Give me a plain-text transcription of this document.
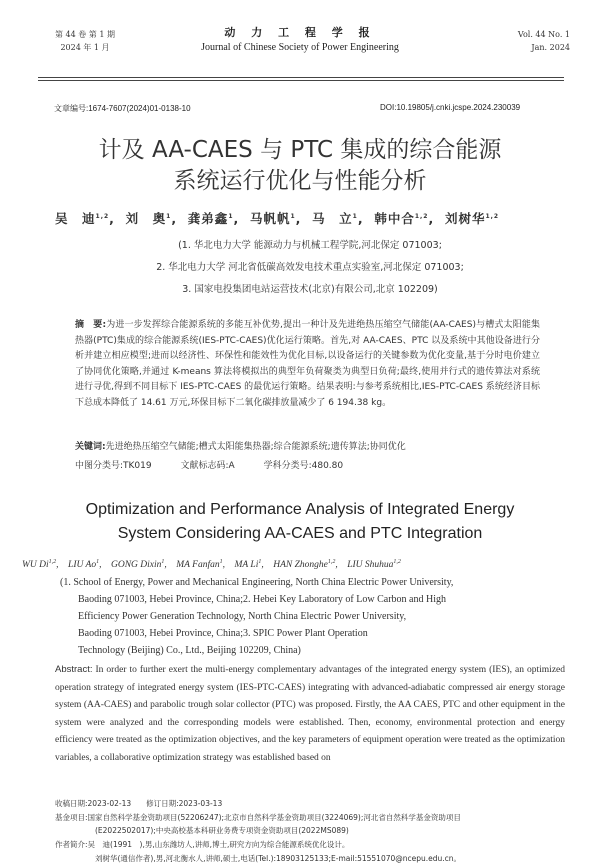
第 44 卷 第 1 期
2024 年 1 月
动 力 工 程 学 报
Journal of Chinese Society of Power Engineering
Vol. 44 No. 1
Jan. 2024
文章编号:1674-7607(2024)01-0138-10	DOI:10.19805/j.cnki.jcspe.2024.230039
计及 AA-CAES 与 PTC 集成的综合能源
系统运行优化与性能分析
吴　迪$^{1,2}$, 刘　奥$^1$, 龚弟鑫$^1$, 马帆帆$^1$, 马　立$^1$, 韩中合$^{1,2}$, 刘树华$^{1,2}$
(1. 华北电力大学 能源动力与机械工程学院,河北保定 071003;
2. 华北电力大学 河北省低碳高效发电技术重点实验室,河北保定 071003;
3. 国家电投集团电站运营技术(北京)有限公司,北京 102209)
摘　要:为进一步发挥综合能源系统的多能互补优势,提出一种计及先进绝热压缩空气储能(AA-CAES)与槽式太阳能集热器(PTC)集成的综合能源系统(IES-PTC-CAES)优化运行策略。首先,对 AA-CAES、PTC 以及系统中其他设备进行分析并建立相应模型;进而以经济性、环保性和能效性为优化目标,以设备运行的关键参数为优化变量,基于分时电价建立了协同优化策略,并通过 K-means 算法将模拟出的典型年负荷聚类为典型日负荷;最终,使用并行式的遗传算法对系统进行寻优,得到不同目标下 IES-PTC-CAES 的最优运行策略。结果表明:与参考系统相比,IES-PTC-CAES 系统经济目标下总成本降低了 14.61 万元,环保目标下二氧化碳排放量减少了 6 194.38 kg。
关键词:先进绝热压缩空气储能;槽式太阳能集热器;综合能源系统;遗传算法;协同优化
中图分类号:TK019	文献标志码:A	学科分类号:480.80
Optimization and Performance Analysis of Integrated Energy
System Considering AA-CAES and PTC Integration
WU Di$^{1,2}$, LIU Ao$^1$, GONG Dixin$^1$, MA Fanfan$^1$, MA Li$^1$, HAN Zhonghe$^{1,2}$, LIU Shuhua$^{1,2}$
(1. School of Energy, Power and Mechanical Engineering, North China Electric Power University,
Baoding 071003, Hebei Province, China;2. Hebei Key Laboratory of Low Carbon and High
Efficiency Power Generation Technology, North China Electric Power University,
Baoding 071003, Hebei Province, China;3. SPIC Power Plant Operation
Technology (Beijing) Co., Ltd., Beijing 102209, China)
Abstract: In order to further exert the multi-energy complementary advantages of the integrated energy system (IES), an optimized operation strategy of integrated energy system (IES-PTC-CAES) integrating with advanced-adiabatic compressed air energy storage system (AA-CAES) and parabolic trough solar collector (PTC) was proposed. Firstly, the AA CAES, PTC and other equipment in the system were analyzed and the corresponding models were established. Then, economy, environmental protection and energy efficiency were treated as the optimization objectives, and the key parameters of equipment operation were treated as the optimization variables, a collaborative optimization strategy was established based on
收稿日期:2023-02-13　　修订日期:2023-03-13
基金项目:国家自然科学基金资助项目(52206247);北京市自然科学基金资助项目(3224069);河北省自然科学基金资助项目
(E2022502017);中央高校基本科研业务费专项资金资助项目(2022MS089)
作者简介:吴　迪(1991　),男,山东潍坊人,讲师,博士,研究方向为综合能源系统优化设计。
刘树华(通信作者),男,河北衡水人,讲师,硕士,电话(Tel.):18903125133;E-mail:51551070@ncepu.edu.cn。
